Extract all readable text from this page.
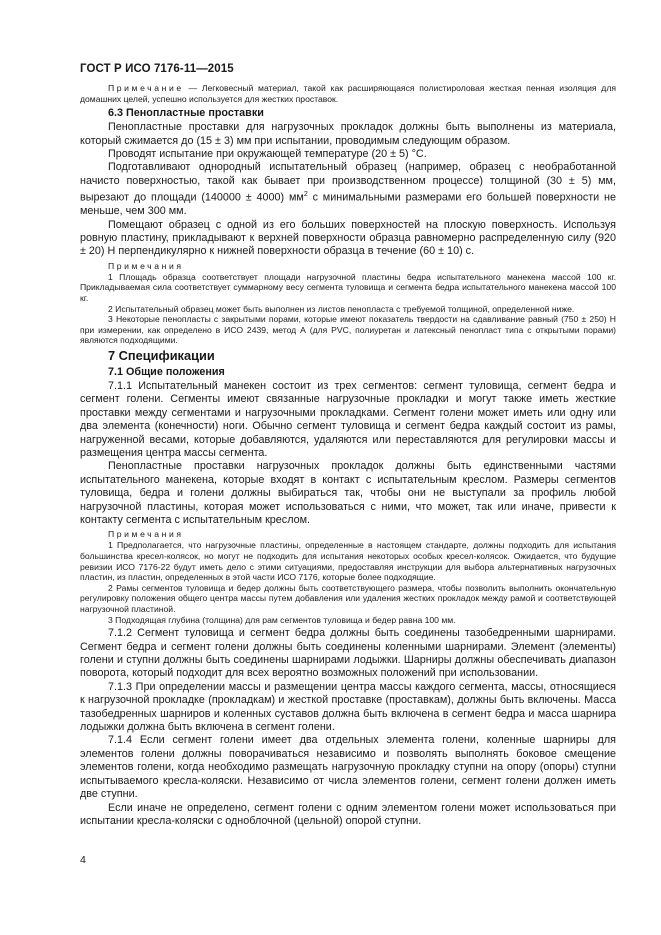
ГОСТ Р ИСО 7176-11—2015

Примечание — Легковесный материал, такой как расширяющаяся полистироловая жесткая пенная изоляция для домашних целей, успешно используется для жестких проставок.

6.3 Пенопластные проставки

Пенопластные проставки для нагрузочных прокладок должны быть выполнены из материала, который сжимается до (15 ± 3) мм при испытании, проводимым следующим образом.

Проводят испытание при окружающей температуре (20 ± 5) °С.

Подготавливают однородный испытательный образец (например, образец с необработанной начисто поверхностью, такой как бывает при производственном процессе) толщиной (30 ± 5) мм, вырезают до площади (140000 ± 4000) $мм^2$ с минимальными размерами его большей поверхности не меньше, чем 300 мм.

Помещают образец с одной из его больших поверхностей на плоскую поверхность. Используя ровную пластину, прикладывают к верхней поверхности образца равномерно распределенную силу (920 ± 20) Н перпендикулярно к нижней поверхности образца в течение (60 ± 10) с.

Примечания

1 Площадь образца соответствует площади нагрузочной пластины бедра испытательного манекена массой 100 кг. Прикладываемая сила соответствует суммарному весу сегмента туловища и сегмента бедра испытательного манекена массой 100 кг.

2 Испытательный образец может быть выполнен из листов пенопласта с требуемой толщиной, определенной ниже.

3 Некоторые пенопласты с закрытыми порами, которые имеют показатель твердости на сдавливание равный (750 ± 250) Н при измерении, как определено в ИСО 2439, метод А (для PVC, полиуретан и латексный пенопласт типа с открытыми порами) являются подходящими.

7 Спецификации
7.1 Общие положения

7.1.1 Испытательный манекен состоит из трех сегментов: сегмент туловища, сегмент бедра и сегмент голени. Сегменты имеют связанные нагрузочные прокладки и могут также иметь жесткие проставки между сегментами и нагрузочными прокладками. Сегмент голени может иметь или одну или два элемента (конечности) ноги. Обычно сегмент туловища и сегмент бедра каждый состоит из рамы, нагруженной весами, которые добавляются, удаляются или переставляются для регулировки массы и размещения центра массы сегмента.

Пенопластные проставки нагрузочных прокладок должны быть единственными частями испытательного манекена, которые входят в контакт с испытательным креслом. Размеры сегментов туловища, бедра и голени должны выбираться так, чтобы они не выступали за профиль любой нагрузочной пластины, которая может использоваться с ними, что может, так или иначе, привести к контакту сегмента с испытательным креслом.

Примечания

1 Предполагается, что нагрузочные пластины, определенные в настоящем стандарте, должны подходить для испытания большинства кресел-колясок, но могут не подходить для испытания некоторых особых кресел-колясок. Ожидается, что будущие ревизии ИСО 7176-22 будут иметь дело с этими ситуациями, предоставляя инструкции для выбора альтернативных нагрузочных пластин, из пластин, определенных в этой части ИСО 7176, которые более подходящие.

2 Рамы сегментов туловища и бедер должны быть соответствующего размера, чтобы позволить выполнить окончательную регулировку положения общего центра массы путем добавления или удаления жестких прокладок между рамой и соответствующей нагрузочной пластиной.

3 Подходящая глубина (толщина) для рам сегментов туловища и бедер равна 100 мм.

7.1.2 Сегмент туловища и сегмент бедра должны быть соединены тазобедренными шарнирами. Сегмент бедра и сегмент голени должны быть соединены коленными шарнирами. Элемент (элементы) голени и ступни должны быть соединены шарнирами лодыжки. Шарниры должны обеспечивать диапазон поворота, который подходит для всех вероятно возможных положений при использовании.

7.1.3 При определении массы и размещении центра массы каждого сегмента, массы, относящиеся к нагрузочной прокладке (прокладкам) и жесткой проставке (проставкам), должны быть включены. Масса тазобедренных шарниров и коленных суставов должна быть включена в сегмент бедра и масса шарнира лодыжки должна быть включена в сегмент голени.

7.1.4 Если сегмент голени имеет два отдельных элемента голени, коленные шарниры для элементов голени должны поворачиваться независимо и позволять выполнять боковое смещение элементов голени, когда необходимо размещать нагрузочную прокладку ступни на опору (опоры) ступни испытываемого кресла-коляски. Независимо от числа элементов голени, сегмент голени должен иметь две ступни.

Если иначе не определено, сегмент голени с одним элементом голени может использоваться при испытании кресла-коляски с одноблочной (цельной) опорой ступни.

4
